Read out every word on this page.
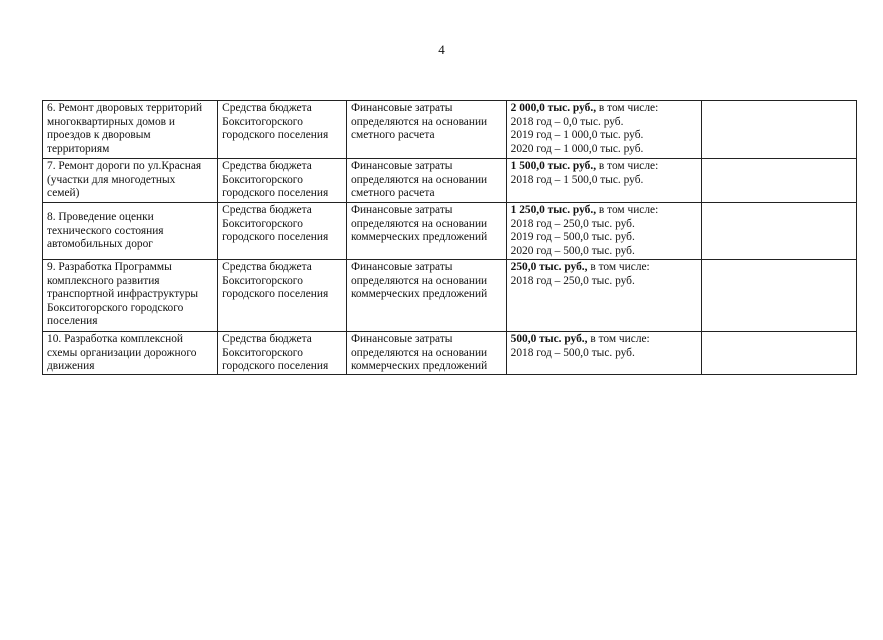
4
6. Ремонт дворовых территорий
многоквартирных домов и
проездов к дворовым
территориям	Средства бюджета
Бокситогорского
городского поселения	Финансовые затраты
определяются на основании
сметного расчета	2 000,0 тыс. руб., в том числе:
2018 год – 0,0 тыс. руб.
2019 год – 1 000,0 тыс. руб.
2020 год – 1 000,0 тыс. руб.	

7. Ремонт дороги по ул.Красная
(участки для многодетных
семей)	Средства бюджета
Бокситогорского
городского поселения	Финансовые затраты
определяются на основании
сметного расчета	1 500,0 тыс. руб., в том числе:
2018 год – 1 500,0 тыс. руб.	

8. Проведение оценки
технического состояния
автомобильных дорог	Средства бюджета
Бокситогорского
городского поселения	Финансовые затраты
определяются на основании
коммерческих предложений	1 250,0 тыс. руб., в том числе:
2018 год – 250,0 тыс. руб.
2019 год – 500,0 тыс. руб.
2020 год – 500,0 тыс. руб.	

9. Разработка Программы
комплексного развития
транспортной инфраструктуры
Бокситогорского городского
поселения	Средства бюджета
Бокситогорского
городского поселения	Финансовые затраты
определяются на основании
коммерческих предложений	250,0 тыс. руб., в том числе:
2018 год – 250,0 тыс. руб.	

10. Разработка комплексной
схемы организации дорожного
движения	Средства бюджета
Бокситогорского
городского поселения	Финансовые затраты
определяются на основании
коммерческих предложений	500,0 тыс. руб., в том числе:
2018 год – 500,0 тыс. руб.	
